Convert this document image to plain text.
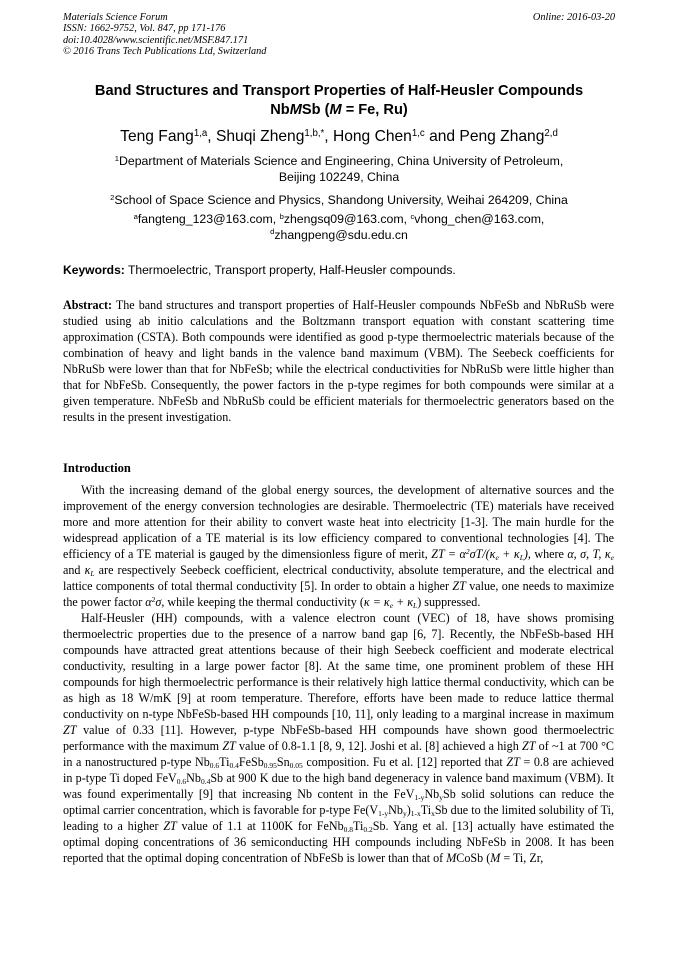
Materials Science Forum
ISSN: 1662-9752, Vol. 847, pp 171-176
doi:10.4028/www.scientific.net/MSF.847.171
© 2016 Trans Tech Publications Ltd, Switzerland
Online: 2016-03-20
Band Structures and Transport Properties of Half-Heusler Compounds
NbMSb (M = Fe, Ru)
Teng Fang$^{1,a}$, Shuqi Zheng$^{1,b,*}$, Hong Chen$^{1,c}$ and Peng Zhang$^{2,d}$
$^1$Department of Materials Science and Engineering, China University of Petroleum,
Beijing 102249, China
$^2$School of Space Science and Physics, Shandong University, Weihai 264209, China
$^a$fangteng_123@163.com, $^b$zhengsq09@163.com, $^c$vhong_chen@163.com,
$^d$zhangpeng@sdu.edu.cn
Keywords: Thermoelectric, Transport property, Half-Heusler compounds.
Abstract: The band structures and transport properties of Half-Heusler compounds NbFeSb and NbRuSb were studied using ab initio calculations and the Boltzmann transport equation with constant scattering time approximation (CSTA). Both compounds were identified as good p-type thermoelectric materials because of the combination of heavy and light bands in the valence band maximum (VBM). The Seebeck coefficients for NbRuSb were lower than that for NbFeSb; while the electrical conductivities for NbRuSb were little higher than that for NbFeSb. Consequently, the power factors in the p-type regimes for both compounds were similar at a given temperature. NbFeSb and NbRuSb could be efficient materials for thermoelectric generators based on the results in the present investigation.
Introduction

With the increasing demand of the global energy sources, the development of alternative sources and the improvement of the energy conversion technologies are desirable. Thermoelectric (TE) materials have received more and more attention for their ability to convert waste heat into electricity [1-3]. The main hurdle for the widespread application of a TE material is its low efficiency compared to conventional technologies [4]. The efficiency of a TE material is gauged by the dimensionless figure of merit, ZT = $\alpha^2\sigma T/(\kappa_e + \kappa_L)$, where α, σ, T, $\kappa_e$ and $\kappa_L$ are respectively Seebeck coefficient, electrical conductivity, absolute temperature, and the electrical and lattice components of total thermal conductivity [5]. In order to obtain a higher ZT value, one needs to maximize the power factor $\alpha^2\sigma$, while keeping the thermal conductivity $(\kappa = \kappa_e + \kappa_L)$ suppressed.

Half-Heusler (HH) compounds, with a valence electron count (VEC) of 18, have shows promising thermoelectric properties due to the presence of a narrow band gap [6, 7]. Recently, the NbFeSb-based HH compounds have attracted great attentions because of their high Seebeck coefficient and moderate electrical conductivity, resulting in a large power factor [8]. At the same time, one prominent problem of these HH compounds for high thermoelectric performance is their relatively high lattice thermal conductivity, which can be as high as 18 W/mK [9] at room temperature. Therefore, efforts have been made to reduce lattice thermal conductivity on n-type NbFeSb-based HH compounds [10, 11], only leading to a marginal increase in maximum ZT value of 0.33 [11]. However, p-type NbFeSb-based HH compounds have shown good thermoelectric performance with the maximum ZT value of 0.8-1.1 [8, 9, 12]. Joshi et al. [8] achieved a high ZT of ~1 at 700 °C in a nanostructured p-type $Nb_{0.6}Ti_{0.4}FeSb_{0.95}Sn_{0.05}$ composition. Fu et al. [12] reported that ZT = 0.8 are achieved in p-type Ti doped $FeV_{0.6}Nb_{0.4}Sb$ at 900 K due to the high band degeneracy in valence band maximum (VBM). It was found experimentally [9] that increasing Nb content in the $FeV_{1-y}Nb_ySb$ solid solutions can reduce the optimal carrier concentration, which is favorable for p-type $Fe(V_{1-y}Nb_y)_{1-x}Ti_xSb$ due to the limited solubility of Ti, leading to a higher ZT value of 1.1 at 1100K for $FeNb_{0.8}Ti_{0.2}Sb$. Yang et al. [13] actually have estimated the optimal doping concentrations of 36 semiconducting HH compounds including NbFeSb in 2008. It has been reported that the optimal doping concentration of NbFeSb is lower than that of MCoSb (M = Ti, Zr,
